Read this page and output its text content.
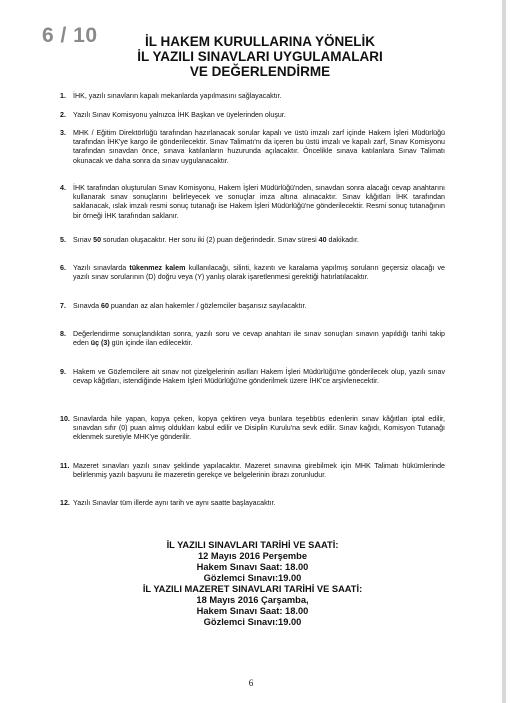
6 / 10	İL HAKEM KURULLARINA YÖNELİK
İL YAZILI SINAVLARI UYGULAMALARI
VE DEĞERLENDİRME
1. İHK, yazılı sınavların kapalı mekanlarda yapılmasını sağlayacaktır.
2. Yazılı Sınav Komisyonu yalnızca İHK Başkan ve üyelerinden oluşur.
3. MHK / Eğitim Direktörlüğü tarafından hazırlanacak sorular kapalı ve üstü imzalı zarf içinde Hakem İşleri Müdürlüğü tarafından İHK'ye kargo ile gönderilecektir. Sınav Talimatı'nı da içeren bu üstü imzalı ve kapalı zarf, Sınav Komisyonu tarafından sınavdan önce, sınava katılanların huzurunda açılacaktır. Öncelikle sınava katılanlara Sınav Talimatı okunacak ve daha sonra da sınav uygulanacaktır.
4. İHK tarafından oluşturulan Sınav Komisyonu, Hakem İşleri Müdürlüğü'nden, sınavdan sonra alacağı cevap anahtarını kullanarak sınav sonuçlarını belirleyecek ve sonuçlar imza altına alınacaktır. Sınav kâğıtları İHK tarafından saklanacak, ıslak imzalı resmi sonuç tutanağı ise Hakem İşleri Müdürlüğü'ne gönderilecektir. Resmi sonuç tutanağının bir örneği İHK tarafından saklanır.
5. Sınav 50 sorudan oluşacaktır. Her soru iki (2) puan değerindedir. Sınav süresi 40 dakikadır.
6. Yazılı sınavlarda tükenmez kalem kullanılacağı, silinti, kazıntı ve karalama yapılmış soruların geçersiz olacağı ve yazılı sınav sorularının (D) doğru veya (Y) yanlış olarak işaretlenmesi gerektiği hatırlatılacaktır.
7. Sınavda 60 puandan az alan hakemler / gözlemciler başarısız sayılacaktır.
8. Değerlendirme sonuçlandıktan sonra, yazılı soru ve cevap anahtarı ile sınav sonuçları sınavın yapıldığı tarihi takip eden üç (3) gün içinde ilan edilecektir.
9. Hakem ve Gözlemcilere ait sınav not çizelgelerinin asılları Hakem İşleri Müdürlüğü'ne gönderilecek olup, yazılı sınav cevap kâğıtları, istendiğinde Hakem İşleri Müdürlüğü'ne gönderilmek üzere İHK'ce arşivlenecektir.
10. Sınavlarda hile yapan, kopya çeken, kopya çektiren veya bunlara teşebbüs edenlerin sınav kâğıtları iptal edilir, sınavdan sıfır (0) puan almış oldukları kabul edilir ve Disiplin Kurulu'na sevk edilir. Sınav kağıdı, Komisyon Tutanağı eklenmek suretiyle MHK'ye gönderilir.
11. Mazeret sınavları yazılı sınav şeklinde yapılacaktır. Mazeret sınavına girebilmek için MHK Talimatı hükümlerinde belirlenmiş yazılı başvuru ile mazeretin gerekçe ve belgelerinin ibrazı zorunludur.
12. Yazılı Sınavlar tüm illerde aynı tarih ve aynı saatte başlayacaktır.
İL YAZILI SINAVLARI TARİHİ VE SAATİ:
12 Mayıs 2016 Perşembe
Hakem Sınavı Saat: 18.00
Gözlemci Sınavı:19.00
İL YAZILI MAZERET SINAVLARI TARİHİ VE SAATİ:
18 Mayıs 2016 Çarşamba,
Hakem Sınavı Saat: 18.00
Gözlemci Sınavı:19.00
6
